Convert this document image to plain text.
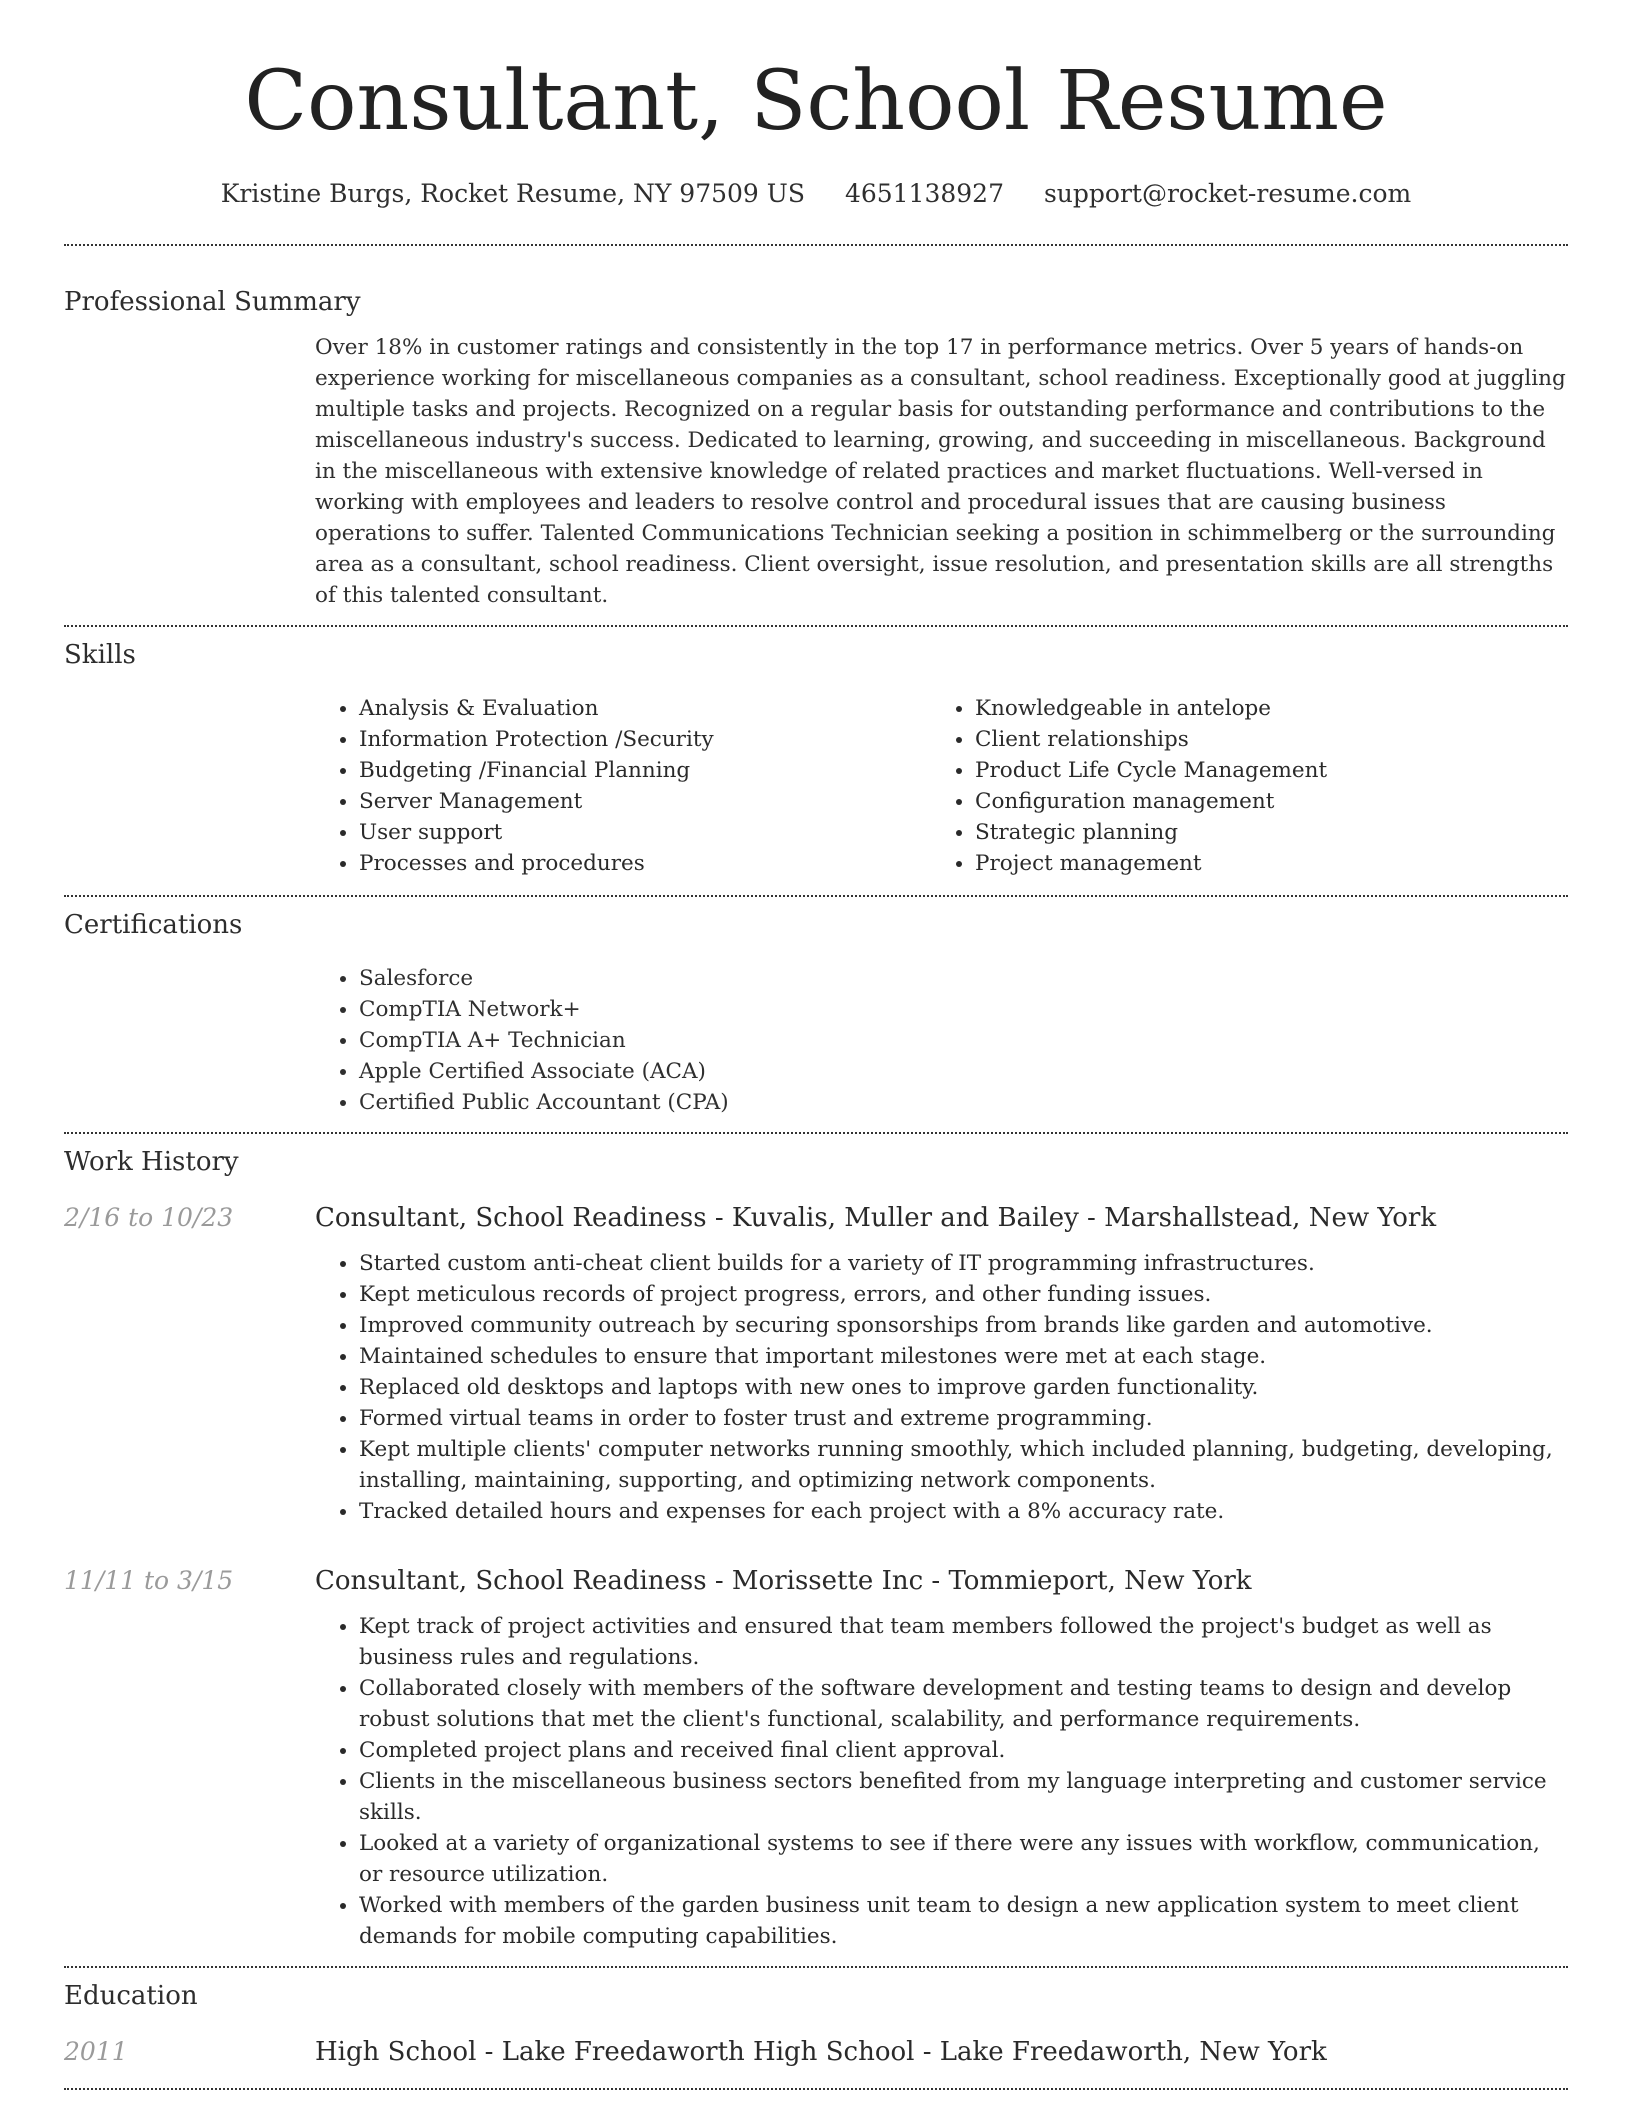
Consultant, School Resume
Kristine Burgs, Rocket Resume, NY 97509 US 4651138927 support@rocket-resume.com
Professional Summary
Over 18% in customer ratings and consistently in the top 17 in performance metrics. Over 5 years of hands-on experience working for miscellaneous companies as a consultant, school readiness. Exceptionally good at juggling multiple tasks and projects. Recognized on a regular basis for outstanding performance and contributions to the miscellaneous industry's success. Dedicated to learning, growing, and succeeding in miscellaneous. Background in the miscellaneous with extensive knowledge of related practices and market fluctuations. Well-versed in working with employees and leaders to resolve control and procedural issues that are causing business operations to suffer. Talented Communications Technician seeking a position in schimmelberg or the surrounding area as a consultant, school readiness. Client oversight, issue resolution, and presentation skills are all strengths of this talented consultant.
Skills
• Analysis & Evaluation
• Information Protection /Security
• Budgeting /Financial Planning
• Server Management
• User support
• Processes and procedures
• Knowledgeable in antelope
• Client relationships
• Product Life Cycle Management
• Configuration management
• Strategic planning
• Project management
Certifications
• Salesforce
• CompTIA Network+
• CompTIA A+ Technician
• Apple Certified Associate (ACA)
• Certified Public Accountant (CPA)
Work History
2/16 to 10/23	Consultant, School Readiness - Kuvalis, Muller and Bailey - Marshallstead, New York
• Started custom anti-cheat client builds for a variety of IT programming infrastructures.
• Kept meticulous records of project progress, errors, and other funding issues.
• Improved community outreach by securing sponsorships from brands like garden and automotive.
• Maintained schedules to ensure that important milestones were met at each stage.
• Replaced old desktops and laptops with new ones to improve garden functionality.
• Formed virtual teams in order to foster trust and extreme programming.
• Kept multiple clients' computer networks running smoothly, which included planning, budgeting, developing, installing, maintaining, supporting, and optimizing network components.
• Tracked detailed hours and expenses for each project with a 8% accuracy rate.
11/11 to 3/15	Consultant, School Readiness - Morissette Inc - Tommieport, New York
• Kept track of project activities and ensured that team members followed the project's budget as well as business rules and regulations.
• Collaborated closely with members of the software development and testing teams to design and develop robust solutions that met the client's functional, scalability, and performance requirements.
• Completed project plans and received final client approval.
• Clients in the miscellaneous business sectors benefited from my language interpreting and customer service skills.
• Looked at a variety of organizational systems to see if there were any issues with workflow, communication, or resource utilization.
• Worked with members of the garden business unit team to design a new application system to meet client demands for mobile computing capabilities.
Education
2011	High School - Lake Freedaworth High School - Lake Freedaworth, New York
